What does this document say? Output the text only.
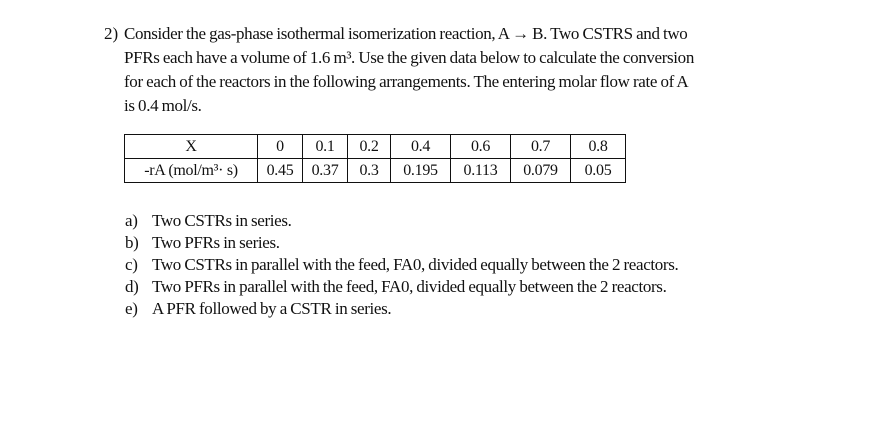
2) Consider the gas-phase isothermal isomerization reaction, A → B. Two CSTRS and two

PFRs each have a volume of 1.6 m³. Use the given data below to calculate the conversion

for each of the reactors in the following arrangements. The entering molar flow rate of A

is 0.4 mol/s.

X	0	0.1	0.2	0.4	0.6	0.7	0.8
-rA (mol/m³· s)	0.45	0.37	0.3	0.195	0.113	0.079	0.05
a) Two CSTRs in series.
b) Two PFRs in series.
c) Two CSTRs in parallel with the feed, FA0, divided equally between the 2 reactors.
d) Two PFRs in parallel with the feed, FA0, divided equally between the 2 reactors.
e) A PFR followed by a CSTR in series.
